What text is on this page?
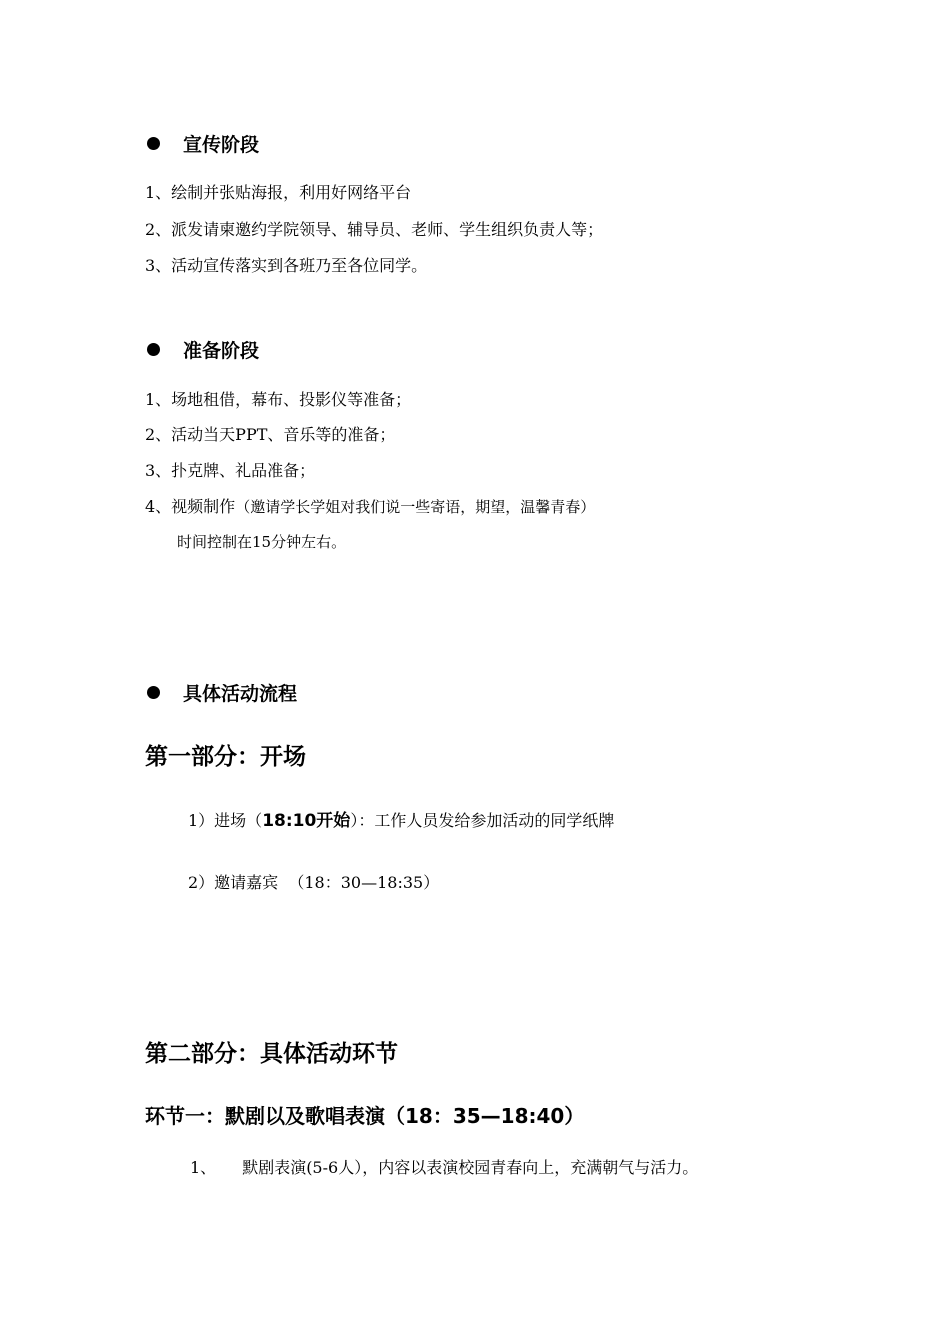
宣传阶段
1、绘制并张贴海报，利用好网络平台
2、派发请柬邀约学院领导、辅导员、老师、学生组织负责人等；
3、活动宣传落实到各班乃至各位同学。
准备阶段
1、场地租借，幕布、投影仪等准备；
2、活动当天PPT、音乐等的准备；
3、扑克牌、礼品准备；
4、视频制作（邀请学长学姐对我们说一些寄语，期望，温馨青春）
时间控制在15分钟左右。
具体活动流程
第一部分：开场
1）进场（18:10开始）：工作人员发给参加活动的同学纸牌
2）邀请嘉宾 （18：30—18:35）
第二部分：具体活动环节
环节一：默剧以及歌唱表演（18：35—18:40）
1、 默剧表演(5-6人），内容以表演校园青春向上，充满朝气与活力。
